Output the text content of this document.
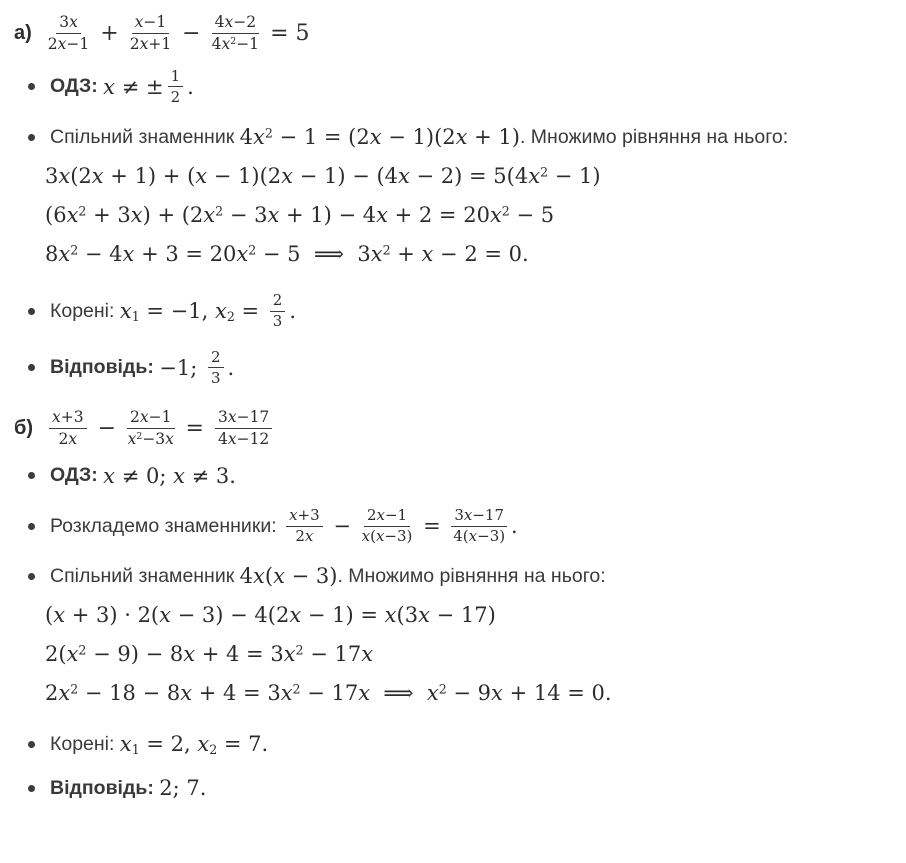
$а) \frac{3x}{2x-1} + \frac{x-1}{2x+1} - \frac{4x-2}{4x^2-1} = 5$
ОДЗ: x ≠ ± $\frac{1}{2}$ .
Спільний знаменник $4x^2 - 1 = (2x - 1)(2x + 1)$ . Множимо рівняння на нього:
$3x(2x + 1) + (x - 1)(2x - 1) - (4x - 2) = 5(4x^2 - 1)$
$(6x^2 + 3x) + (2x^2 - 3x + 1) - 4x + 2 = 20x^2 - 5$
$8x^2 - 4x + 3 = 20x^2 - 5$  ⟹  $3x^2 + x - 2 = 0$.
Корені: $x_1 = -1$, $x_2 = \frac{2}{3}$ .
Відповідь: −1; $\frac{2}{3}$ .
$б) \frac{x+3}{2x} - \frac{2x-1}{x^2-3x} = \frac{3x-17}{4x-12}$
ОДЗ: x ≠ 0; x ≠ 3.
Розкладемо знаменники: $\frac{x+3}{2x} - \frac{2x-1}{x(x-3)} = \frac{3x-17}{4(x-3)}$ .
Спільний знаменник 4x(x − 3) . Множимо рівняння на нього:
(x + 3) · 2(x − 3) − 4(2x − 1) = x(3x − 17)
$2(x^2 - 9) - 8x + 4 = 3x^2 - 17x$
$2x^2 - 18 - 8x + 4 = 3x^2 - 17x$  ⟹  $x^2 - 9x + 14 = 0$.
Корені: $x_1 = 2$, $x_2 = 7$.
Відповідь: 2; 7.
